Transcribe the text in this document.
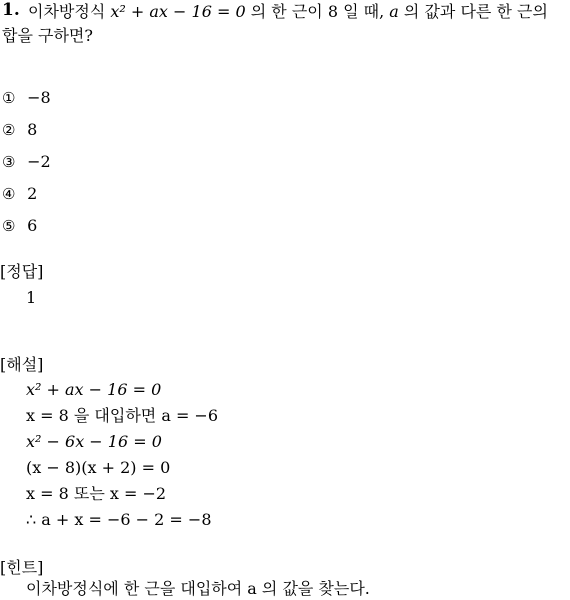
1. 이차방정식 x² + ax − 16 = 0 의 한 근이 8 일 때, a 의 값과 다른 한 근의
합을 구하면?
① −8
② 8
③ −2
④ 2
⑤ 6
[정답]
1
[해설]
x² + ax − 16 = 0
x = 8 을 대입하면 a = −6
x² − 6x − 16 = 0
(x − 8)(x + 2) = 0
x = 8 또는 x = −2
∴ a + x = −6 − 2 = −8
[힌트]
이차방정식에 한 근을 대입하여 a 의 값을 찾는다.
